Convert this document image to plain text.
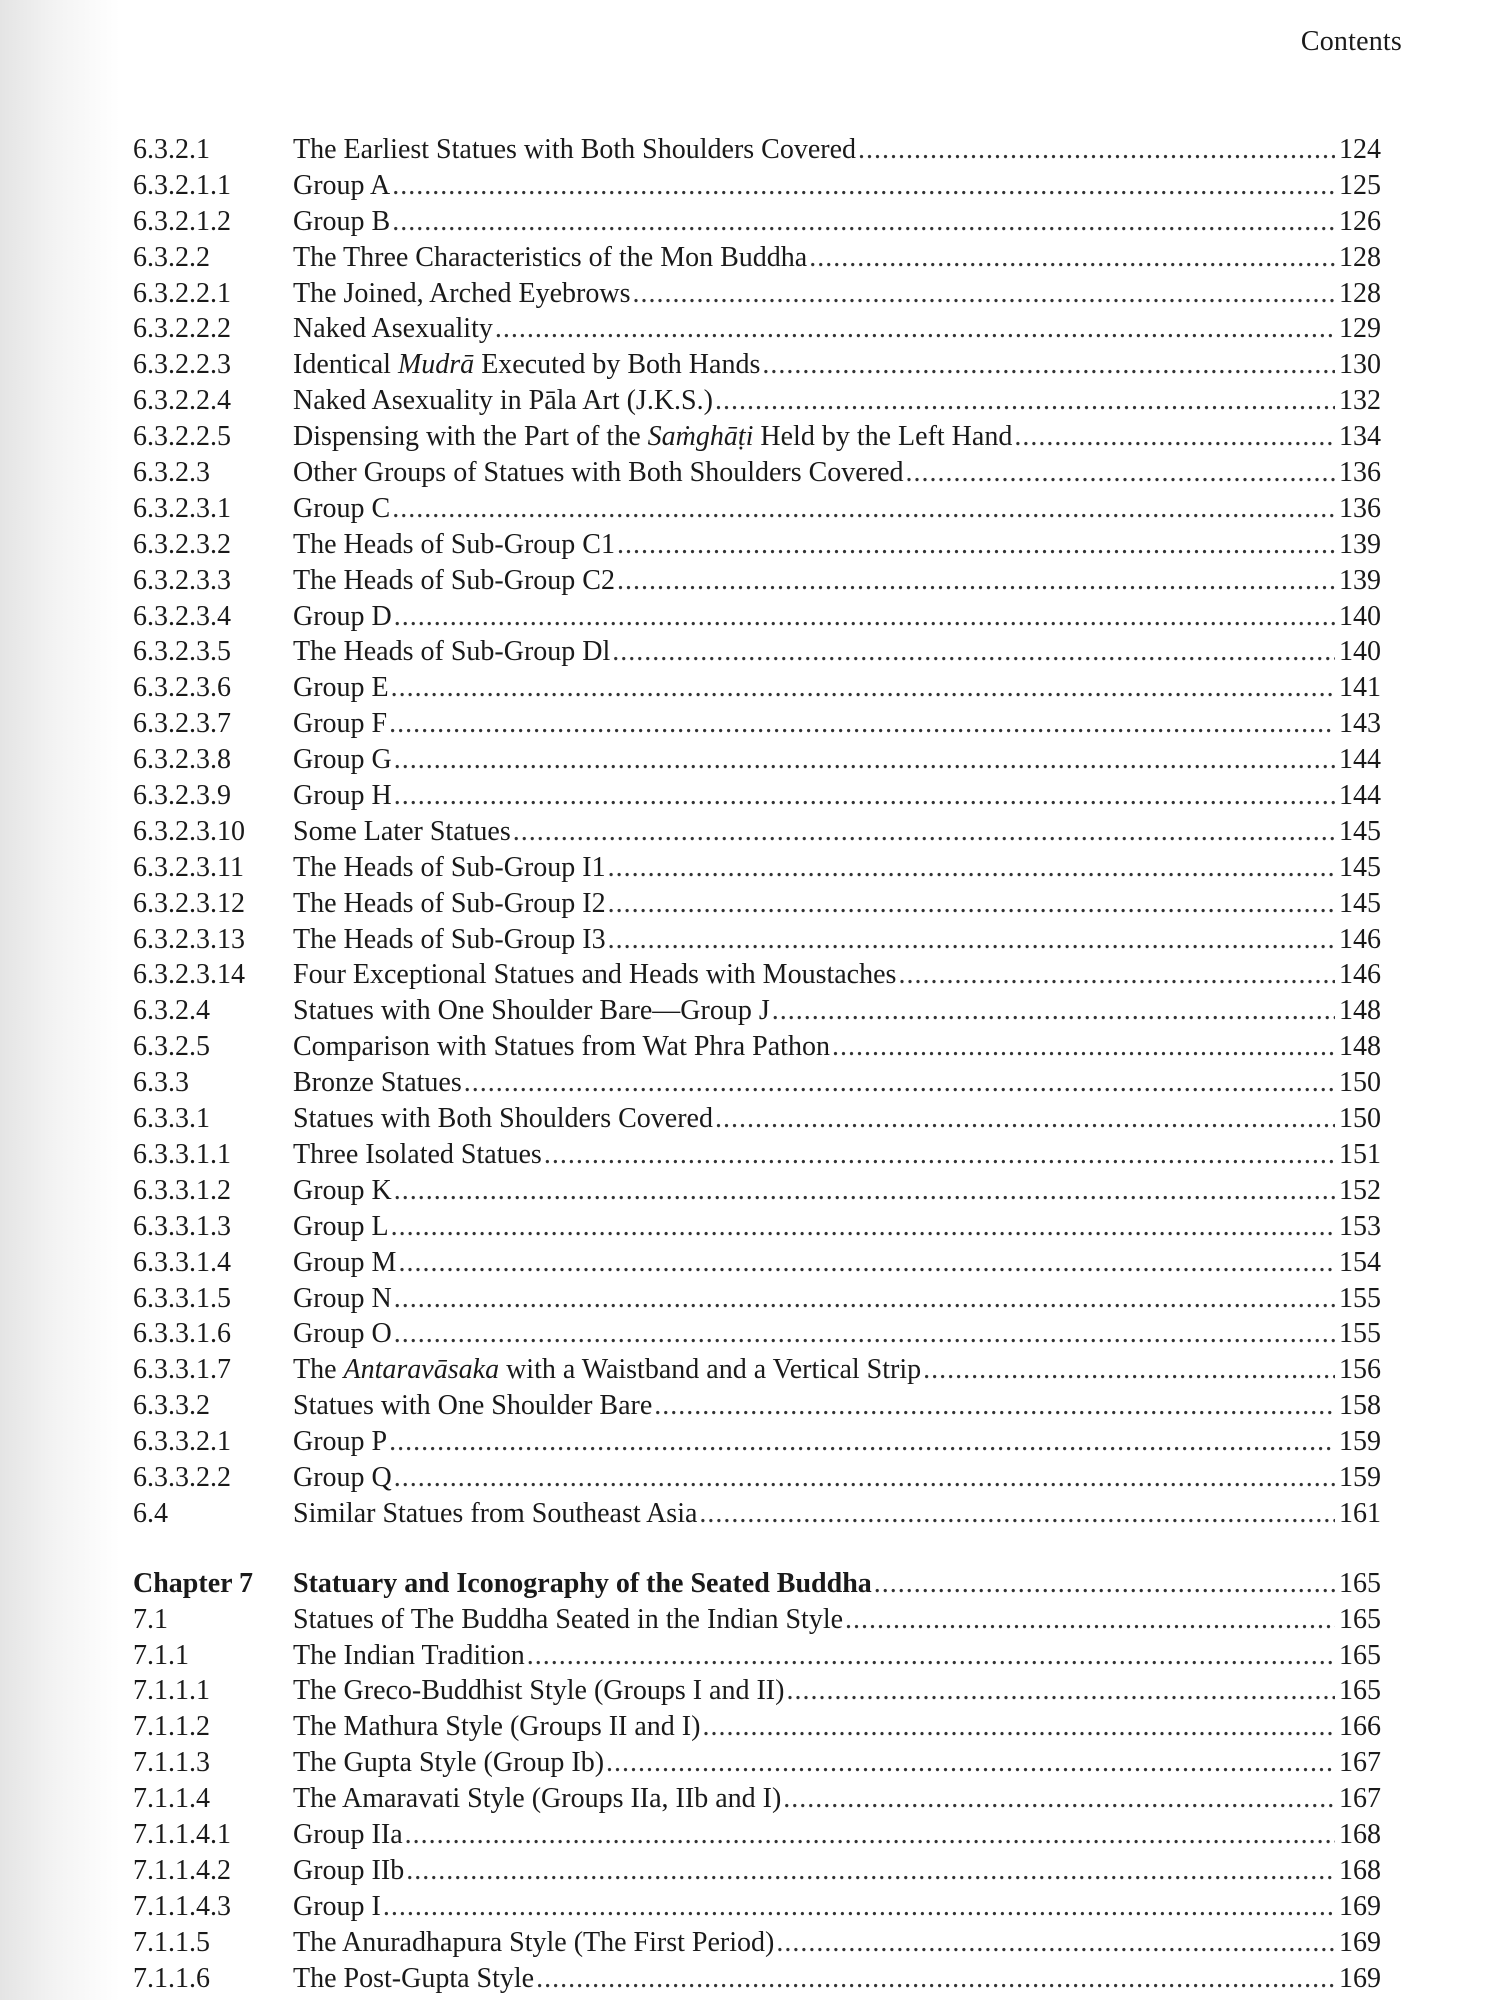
Contents
6.3.2.1	The Earliest Statues with Both Shoulders Covered .....	124
6.3.2.1.1	Group A .....	125
6.3.2.1.2	Group B .....	126
6.3.2.2	The Three Characteristics of the Mon Buddha .....	128
6.3.2.2.1	The Joined, Arched Eyebrows .....	128
6.3.2.2.2	Naked Asexuality .....	129
6.3.2.2.3	Identical Mudrā Executed by Both Hands .....	130
6.3.2.2.4	Naked Asexuality in Pāla Art (J.K.S.) .....	132
6.3.2.2.5	Dispensing with the Part of the Saṁghāṭi Held by the Left Hand .....	134
6.3.2.3	Other Groups of Statues with Both Shoulders Covered .....	136
6.3.2.3.1	Group C .....	136
6.3.2.3.2	The Heads of Sub-Group C1 .....	139
6.3.2.3.3	The Heads of Sub-Group C2 .....	139
6.3.2.3.4	Group D .....	140
6.3.2.3.5	The Heads of Sub-Group Dl .....	140
6.3.2.3.6	Group E .....	141
6.3.2.3.7	Group F .....	143
6.3.2.3.8	Group G .....	144
6.3.2.3.9	Group H .....	144
6.3.2.3.10	Some Later Statues .....	145
6.3.2.3.11	The Heads of Sub-Group I1 .....	145
6.3.2.3.12	The Heads of Sub-Group I2 .....	145
6.3.2.3.13	The Heads of Sub-Group I3 .....	146
6.3.2.3.14	Four Exceptional Statues and Heads with Moustaches .....	146
6.3.2.4	Statues with One Shoulder Bare—Group J .....	148
6.3.2.5	Comparison with Statues from Wat Phra Pathon .....	148
6.3.3	Bronze Statues .....	150
6.3.3.1	Statues with Both Shoulders Covered .....	150
6.3.3.1.1	Three Isolated Statues .....	151
6.3.3.1.2	Group K .....	152
6.3.3.1.3	Group L .....	153
6.3.3.1.4	Group M .....	154
6.3.3.1.5	Group N .....	155
6.3.3.1.6	Group O .....	155
6.3.3.1.7	The Antaravāsaka with a Waistband and a Vertical Strip .....	156
6.3.3.2	Statues with One Shoulder Bare .....	158
6.3.3.2.1	Group P .....	159
6.3.3.2.2	Group Q .....	159
6.4	Similar Statues from Southeast Asia .....	161
Chapter 7	Statuary and Iconography of the Seated Buddha .....	165
7.1	Statues of The Buddha Seated in the Indian Style .....	165
7.1.1	The Indian Tradition .....	165
7.1.1.1	The Greco-Buddhist Style (Groups I and II) .....	165
7.1.1.2	The Mathura Style (Groups II and I) .....	166
7.1.1.3	The Gupta Style (Group Ib) .....	167
7.1.1.4	The Amaravati Style (Groups IIa, IIb and I) .....	167
7.1.1.4.1	Group IIa .....	168
7.1.1.4.2	Group IIb .....	168
7.1.1.4.3	Group I .....	169
7.1.1.5	The Anuradhapura Style (The First Period) .....	169
7.1.1.6	The Post-Gupta Style .....	169
